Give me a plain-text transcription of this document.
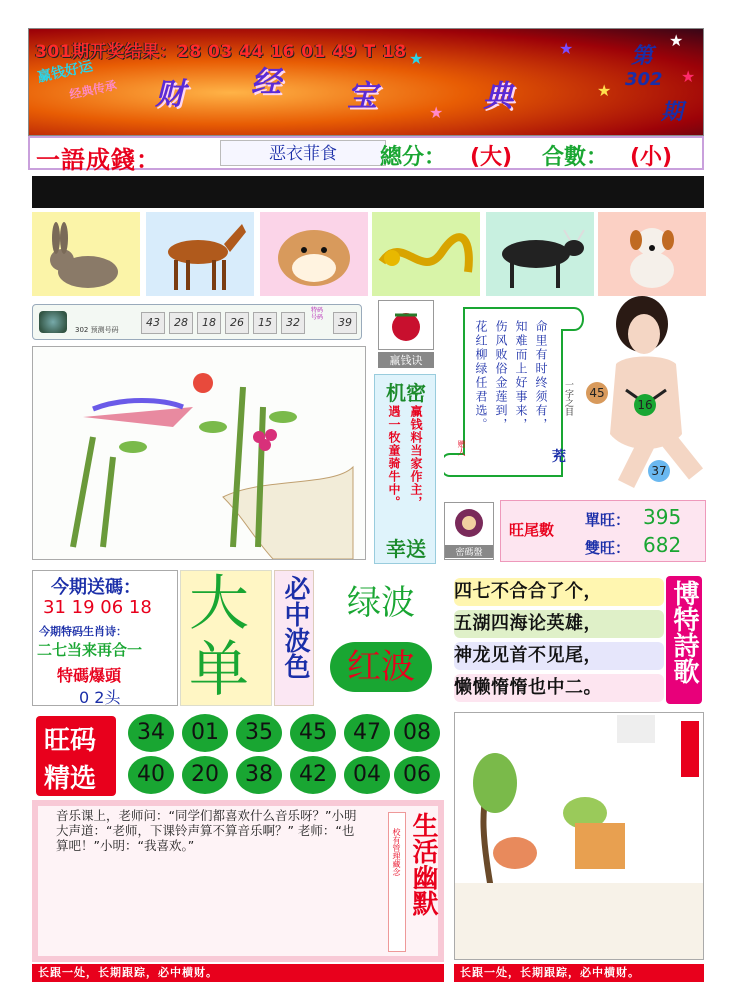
301期开奖结果：28 03 44 16 01 49 T 18
财 经 宝	典
赢钱好运
经典传承
★
★
★
★
★
★
第
302
期
一語成錢：	恶衣菲食	總分： (大) 合數： (小)
302 预测号码
43	28	18	26	15	32
特码号码	39
赢钱诀
机密
赢钱料当家作主，
遇一牧童骑牛中。
幸送
命里有时终须有，
知难而上好事来，
伤风败俗金莲到，
花红柳绿任君选。
赠人
一字之目
茺
45
16
37
密碼盤
旺尾數
單旺： 395
雙旺： 682
今期送碼：
31 19 06 18
今期特码生肖诗：
二七当来再合一
特碼爆頭
0 2头
大
单 必中波色	绿波
红波
四七不合合了个，
五湖四海论英雄，
神龙见首不见尾，
懒懒惰惰也中二。
博特詩歌
旺码
精选
34	01	35	45	47	08
40	20	38	42	04	06
音乐课上，老师问：“同学们都喜欢什么音乐呀？”小明大声道：“老师，下课铃声算不算音乐啊？” 老师：“也算吧！”小明：“我喜欢。”	校有管理藏念 生活幽默
长跟一处，长期跟踪，必中横财。	长跟一处，长期跟踪，必中横财。
